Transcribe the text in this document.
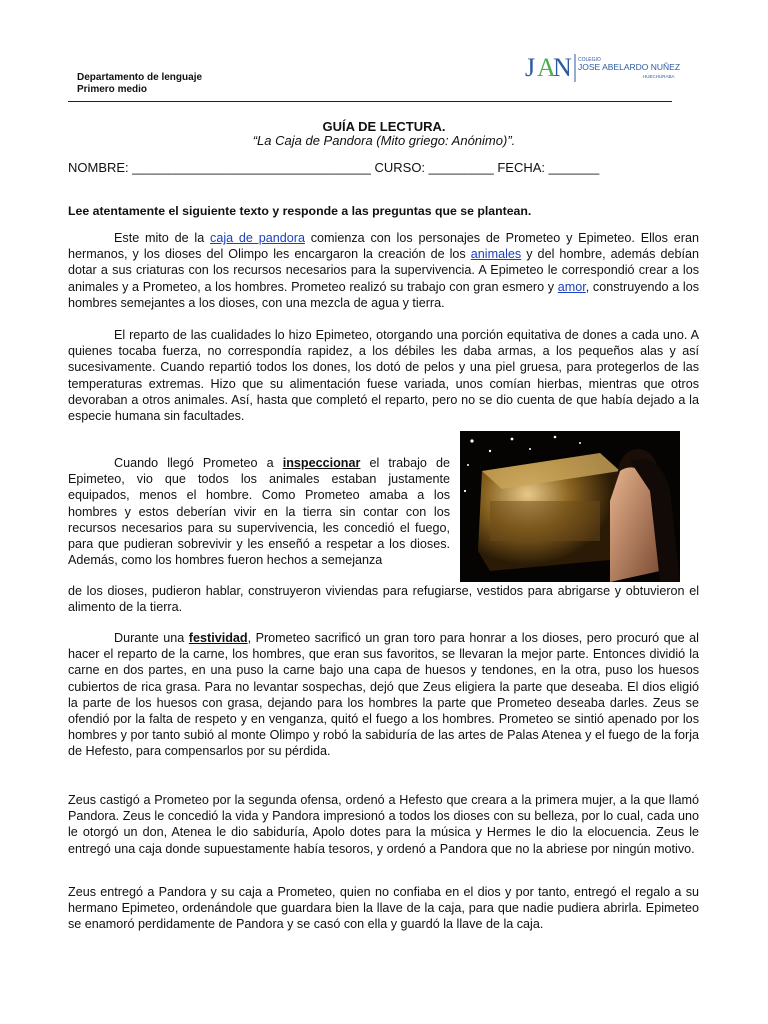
Departamento de lenguaje
Primero medio
J A
N COLEGIO
JOSE ABELARDO NUÑEZ
HUECHURABA
GUÍA DE LECTURA.
“La Caja de Pandora (Mito griego: Anónimo)”.
NOMBRE: _________________________________ CURSO: _________ FECHA: _______
Lee atentamente el siguiente texto y responde a las preguntas que se plantean.

Este mito de la caja de pandora comienza con los personajes de Prometeo y Epimeteo. Ellos eran hermanos, y los dioses del Olimpo les encargaron la creación de los animales y del hombre, además debían dotar a sus criaturas con los recursos necesarios para la supervivencia. A Epimeteo le correspondió crear a los animales y a Prometeo, a los hombres. Prometeo realizó su trabajo con gran esmero y amor, construyendo a los hombres semejantes a los dioses, con una mezcla de agua y tierra.

El reparto de las cualidades lo hizo Epimeteo, otorgando una porción equitativa de dones a cada uno. A quienes tocaba fuerza, no correspondía rapidez, a los débiles les daba armas, a los pequeños alas y así sucesivamente. Cuando repartió todos los dones, los dotó de pelos y una piel gruesa, para protegerlos de las temperaturas extremas. Hizo que su alimentación fuese variada, unos comían hierbas, mientras que otros devoraban a otros animales. Así, hasta que completó el reparto, pero no se dio cuenta de que había dejado a la especie humana sin facultades.

Cuando llegó Prometeo a inspeccionar el trabajo de Epimeteo, vio que todos los animales estaban justamente equipados, menos el hombre. Como Prometeo amaba a los hombres y estos deberían vivir en la tierra sin contar con los recursos necesarios para su supervivencia, les concedió el fuego, para que pudieran sobrevivir y les enseñó a respetar a los dioses. Además, como los hombres fueron hechos a semejanza

de los dioses, pudieron hablar, construyeron viviendas para refugiarse, vestidos para abrigarse y obtuvieron el alimento de la tierra.

Durante una festividad, Prometeo sacrificó un gran toro para honrar a los dioses, pero procuró que al hacer el reparto de la carne, los hombres, que eran sus favoritos, se llevaran la mejor parte. Entonces dividió la carne en dos partes, en una puso la carne bajo una capa de huesos y tendones, en la otra, puso los huesos cubiertos de rica grasa. Para no levantar sospechas, dejó que Zeus eligiera la parte que deseaba. El dios eligió la parte de los huesos con grasa, dejando para los hombres la parte que Prometeo deseaba darles. Zeus se ofendió por la falta de respeto y en venganza, quitó el fuego a los hombres. Prometeo se sintió apenado por los hombres y por tanto subió al monte Olimpo y robó la sabiduría de las artes de Palas Atenea y el fuego de la forja de Hefesto, para compensarlos por su pérdida.

Zeus castigó a Prometeo por la segunda ofensa, ordenó a Hefesto que creara a la primera mujer, a la que llamó Pandora. Zeus le concedió la vida y Pandora impresionó a todos los dioses con su belleza, por lo cual, cada uno le otorgó un don, Atenea le dio sabiduría, Apolo dotes para la música y Hermes le dio la elocuencia. Zeus le entregó una caja donde supuestamente había tesoros, y ordenó a Pandora que no la abriese por ningún motivo.

Zeus entregó a Pandora y su caja a Prometeo, quien no confiaba en el dios y por tanto, entregó el regalo a su hermano Epimeteo, ordenándole que guardara bien la llave de la caja, para que nadie pudiera abrirla. Epimeteo se enamoró perdidamente de Pandora y se casó con ella y guardó la llave de la caja.
